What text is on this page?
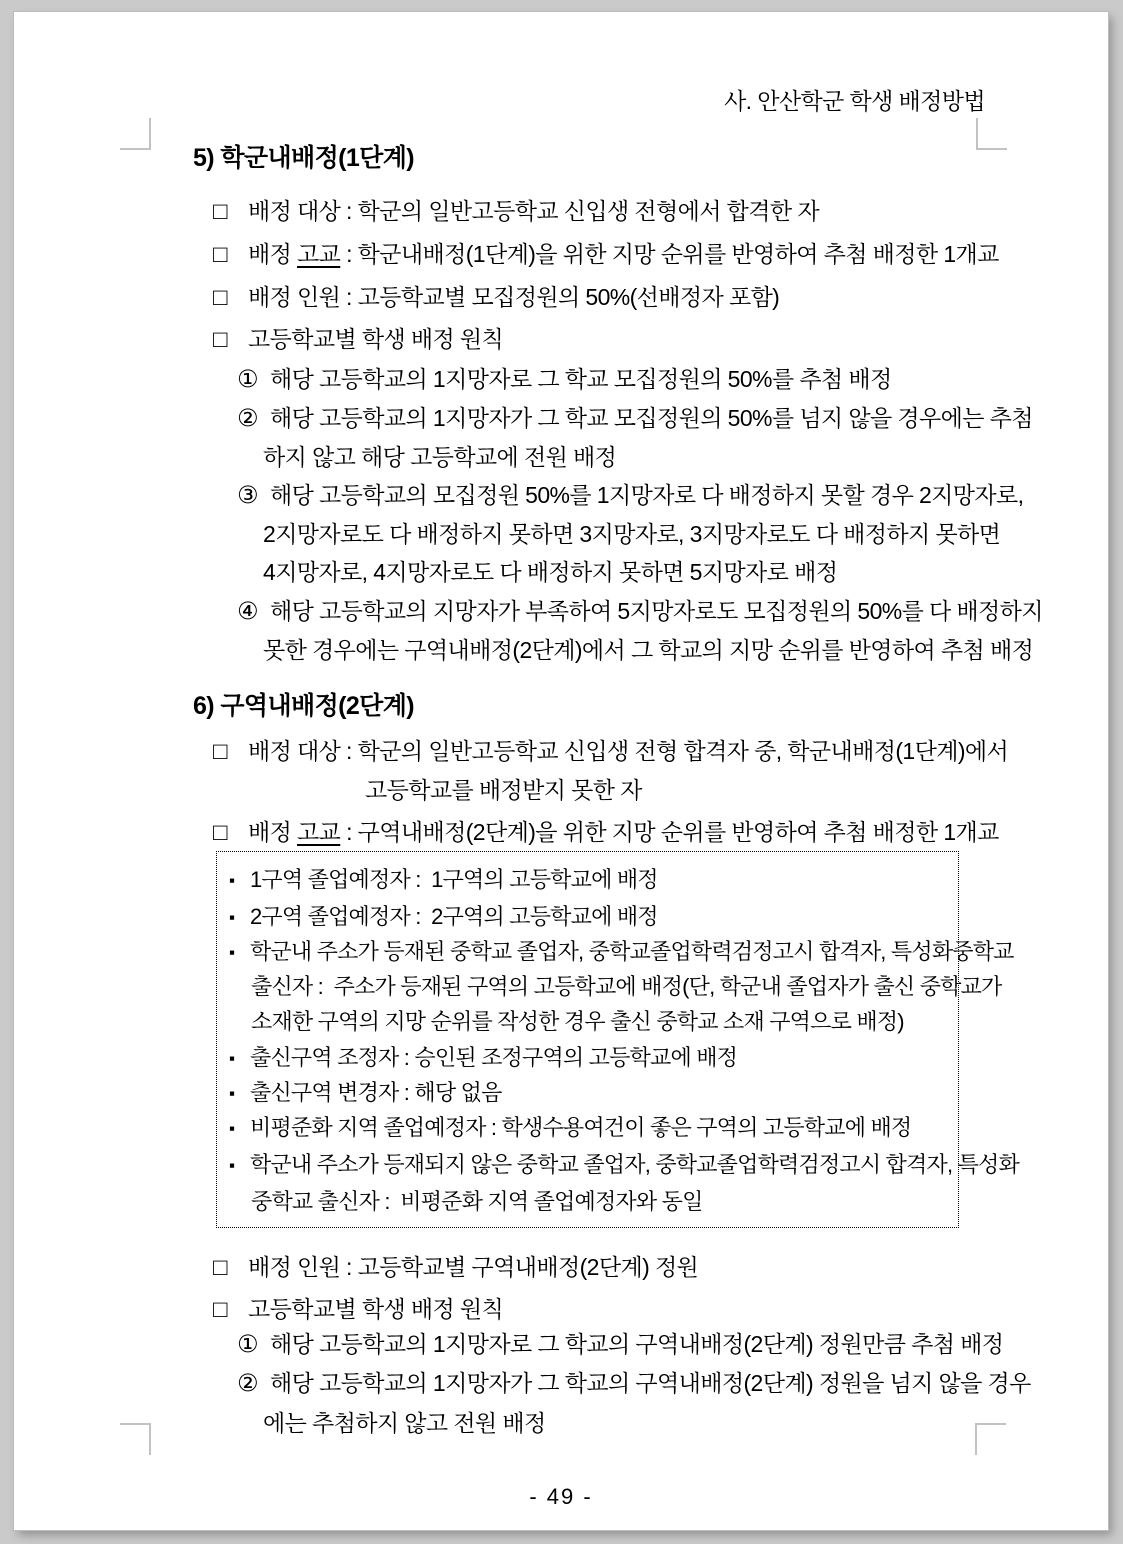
사. 안산학군 학생 배정방법
5) 학군내배정(1단계)
□ 배정 대상 : 학군의 일반고등학교 신입생 전형에서 합격한 자
□ 배정 고교 : 학군내배정(1단계)을 위한 지망 순위를 반영하여 추첨 배정한 1개교
□ 배정 인원 : 고등학교별 모집정원의 50%(선배정자 포함)
□ 고등학교별 학생 배정 원칙
① 해당 고등학교의 1지망자로 그 학교 모집정원의 50%를 추첨 배정
② 해당 고등학교의 1지망자가 그 학교 모집정원의 50%를 넘지 않을 경우에는 추첨
하지 않고 해당 고등학교에 전원 배정
③ 해당 고등학교의 모집정원 50%를 1지망자로 다 배정하지 못할 경우 2지망자로,
2지망자로도 다 배정하지 못하면 3지망자로, 3지망자로도 다 배정하지 못하면
4지망자로, 4지망자로도 다 배정하지 못하면 5지망자로 배정
④ 해당 고등학교의 지망자가 부족하여 5지망자로도 모집정원의 50%를 다 배정하지
못한 경우에는 구역내배정(2단계)에서 그 학교의 지망 순위를 반영하여 추첨 배정
6) 구역내배정(2단계)
□ 배정 대상 : 학군의 일반고등학교 신입생 전형 합격자 중, 학군내배정(1단계)에서
고등학교를 배정받지 못한 자
□ 배정 고교 : 구역내배정(2단계)을 위한 지망 순위를 반영하여 추첨 배정한 1개교
▪ 1구역 졸업예정자 :  1구역의 고등학교에 배정
▪ 2구역 졸업예정자 :  2구역의 고등학교에 배정
▪ 학군내 주소가 등재된 중학교 졸업자, 중학교졸업학력검정고시 합격자, 특성화중학교
출신자 :  주소가 등재된 구역의 고등학교에 배정(단, 학군내 졸업자가 출신 중학교가
소재한 구역의 지망 순위를 작성한 경우 출신 중학교 소재 구역으로 배정)
▪ 출신구역 조정자 : 승인된 조정구역의 고등학교에 배정
▪ 출신구역 변경자 : 해당 없음
▪ 비평준화 지역 졸업예정자 : 학생수용여건이 좋은 구역의 고등학교에 배정
▪ 학군내 주소가 등재되지 않은 중학교 졸업자, 중학교졸업학력검정고시 합격자, 특성화
중학교 출신자 :  비평준화 지역 졸업예정자와 동일
□ 배정 인원 : 고등학교별 구역내배정(2단계) 정원
□ 고등학교별 학생 배정 원칙
① 해당 고등학교의 1지망자로 그 학교의 구역내배정(2단계) 정원만큼 추첨 배정
② 해당 고등학교의 1지망자가 그 학교의 구역내배정(2단계) 정원을 넘지 않을 경우
에는 추첨하지 않고 전원 배정
- 49 -
